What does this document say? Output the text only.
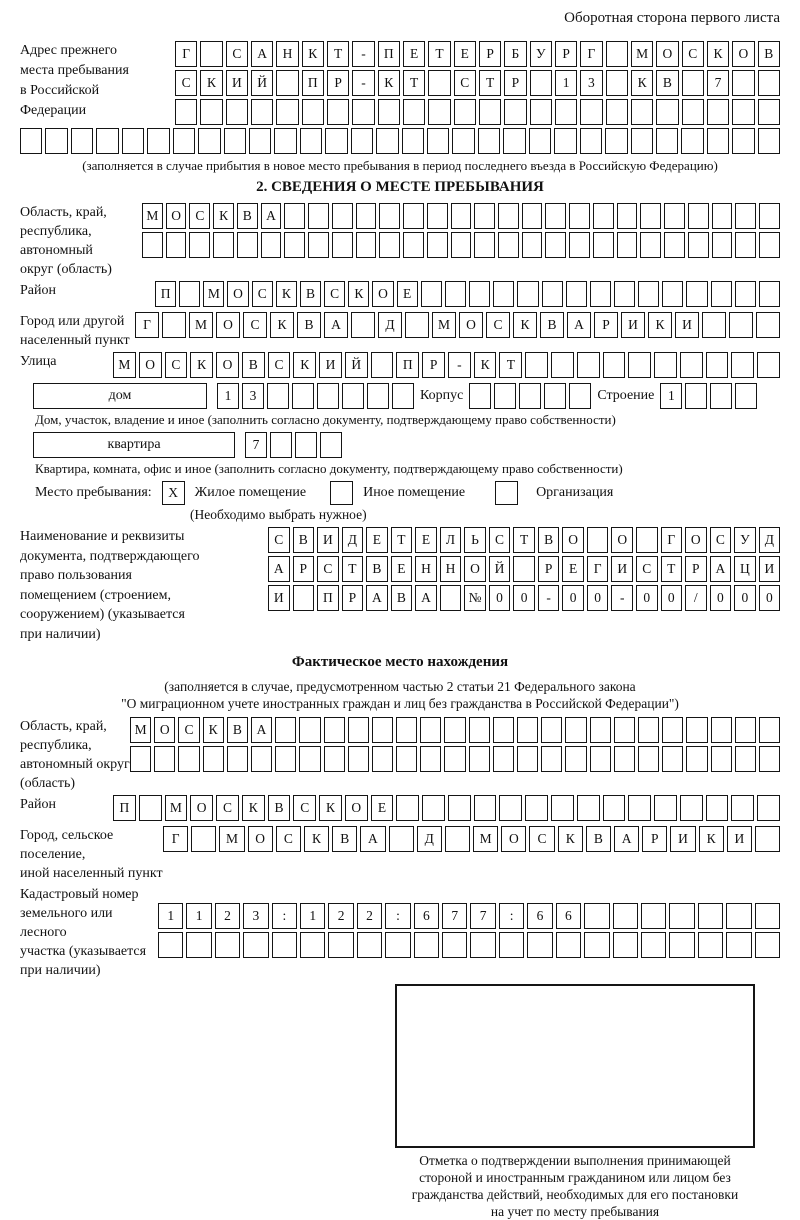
Оборотная сторона первого листа
Адрес прежнего
места пребывания
в Российской
Федерации
Г	С	А	Н	К	Т	-	П	Е	Т	Е	Р	Б	У	Р	Г	М	О	С	К	О	В
С	К	И	Й	П	Р	-	К	Т	С	Т	Р	1	3	К	В	7
(заполняется в случае прибытия в новое место пребывания в период последнего въезда в Российскую Федерацию)
2. СВЕДЕНИЯ О МЕСТЕ ПРЕБЫВАНИЯ
Область, край,
республика,
автономный
округ (область)
М О	С	К	В	А
Район	П	М О	С	К	В	С	К	О	Е
Город или другой
населенный пункт
Г	М	О	С	К	В	А	Д	М	О	С	К	В	А	Р	И	К	И
Улица	М	О	С	К	О	В	С	К	И	Й	П	Р	-	К	Т
дом	1	3	Корпус	Строение	1
Дом, участок, владение и иное (заполнить согласно документу, подтверждающему право собственности)
квартира	7
Квартира, комната, офис и иное (заполнить согласно документу, подтверждающему право собственности)
Место пребывания:	X	Жилое помещение	Иное помещение	Организация
(Необходимо выбрать нужное)
Наименование и реквизиты
документа, подтверждающего
право пользования
помещением (строением,
сооружением) (указывается
при наличии)
С	В	И	Д	Е	Т	Е	Л	Ь	С	Т	В	О	О	Г	О	С	У	Д
А	Р	С	Т	В	Е	Н	Н	О	Й	Р	Е	Г	И	С	Т	Р	А	Ц	И
И	П	Р	А	В	А	№	0	0	-	0	0	-	0	0	/	0	0	0
Фактическое место нахождения
(заполняется в случае, предусмотренном частью 2 статьи 21 Федерального закона
"О миграционном учете иностранных граждан и лиц без гражданства в Российской Федерации")
Область, край,
республика,
автономный округ
(область)
М О	С	К	В	А
Район	П	М	О	С	К	В	С	К	О	Е
Город, сельское поселение,
иной населенный пункт
Г	М	О	С	К	В	А	Д	М	О	С	К	В	А	Р	И	К	И
Кадастровый номер
земельного или лесного
участка (указывается
при наличии)
1	1	2	3	:	1	2	2	:	6	7	7	:	6	6
Отметка о подтверждении выполнения принимающей
стороной и иностранным гражданином или лицом без
гражданства действий, необходимых для его постановки
на учет по месту пребывания
